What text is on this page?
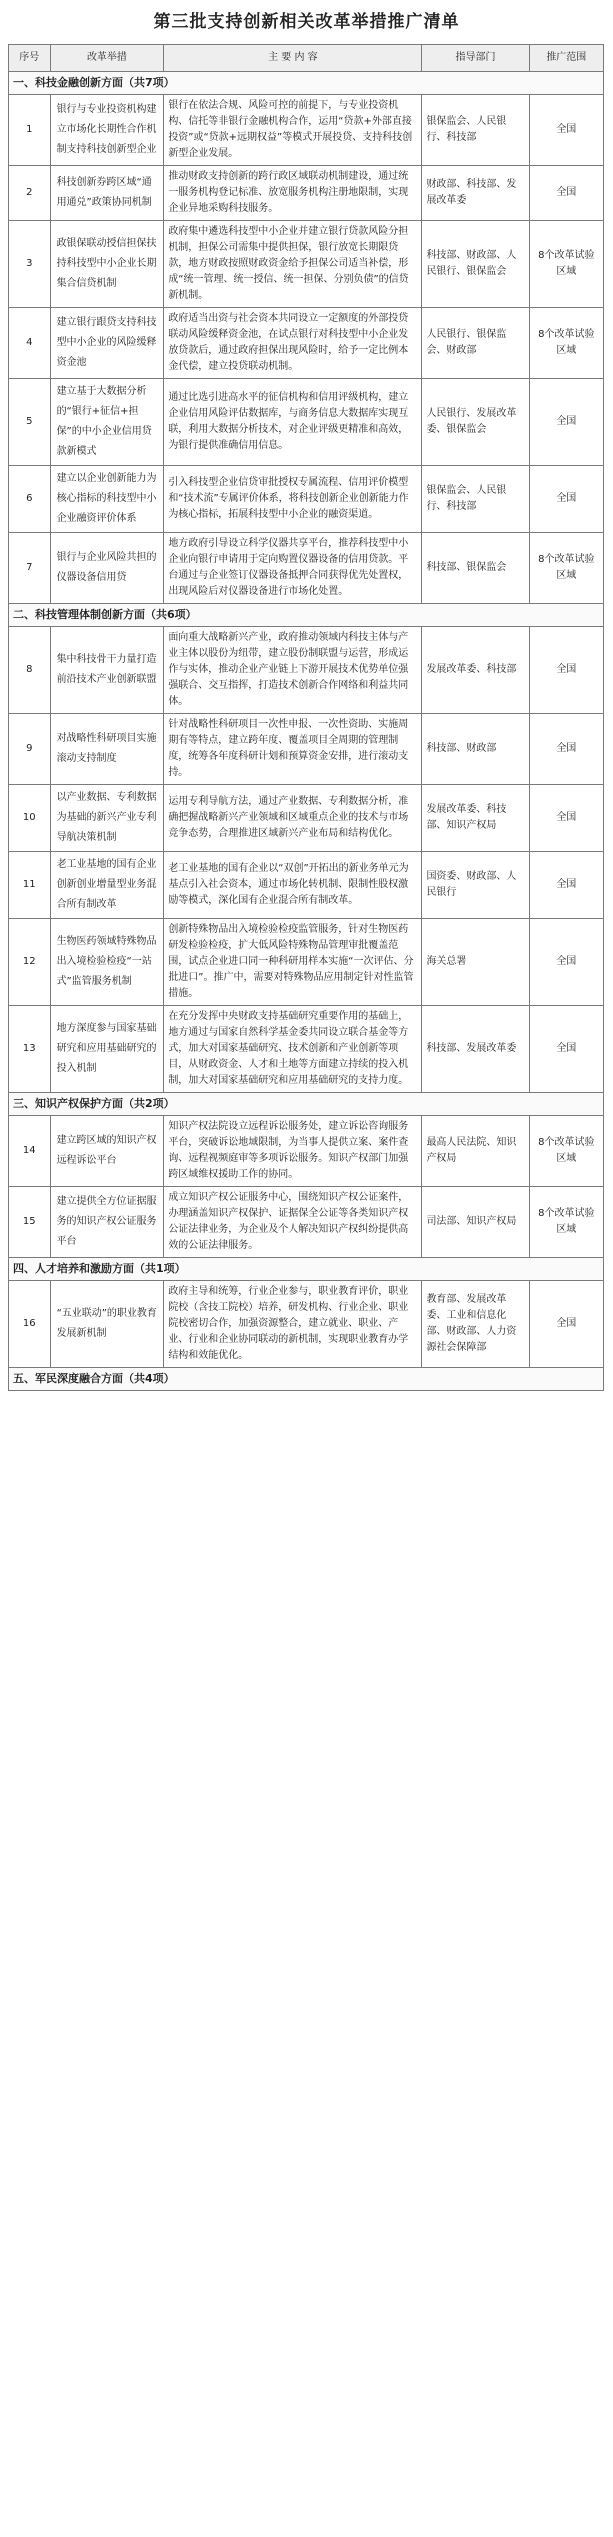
第三批支持创新相关改革举措推广清单
序号	改革举措	主 要 内 容	指导部门	推广范围
一、科技金融创新方面（共7项）				
1	银行与专业投资机构建立市场化长期性合作机制支持科技创新型企业	银行在依法合规、风险可控的前提下，与专业投资机构、信托等非银行金融机构合作，运用“贷款+外部直接投资”或“贷款+远期权益”等模式开展投贷、支持科技创新型企业发展。	银保监会、人民银行、科技部	全国
2	科技创新券跨区域“通用通兑”政策协同机制	推动财政支持创新的跨行政区域联动机制建设，通过统一服务机构登记标准、放宽服务机构注册地限制，实现企业异地采购科技服务。	财政部、科技部、发展改革委	全国
3	政银保联动授信担保扶持科技型中小企业长期集合信贷机制	政府集中遴选科技型中小企业并建立银行贷款风险分担机制，担保公司需集中提供担保，银行放宽长期限贷款，地方财政按照财政资金给予担保公司适当补偿，形成“统一管理、统一授信、统一担保、分别负债”的信贷新机制。	科技部、财政部、人民银行、银保监会	8个改革试验区域
4	建立银行跟贷支持科技型中小企业的风险缓释资金池	政府适当出资与社会资本共同设立一定额度的外部投贷联动风险缓释资金池，在试点银行对科技型中小企业发放贷款后，通过政府担保出现风险时，给予一定比例本金代偿，建立投贷联动机制。	人民银行、银保监会、财政部	8个改革试验区域
5	建立基于大数据分析的“银行+征信+担保”的中小企业信用贷款新模式	通过比选引进高水平的征信机构和信用评级机构，建立企业信用风险评估数据库，与商务信息大数据库实现互联，利用大数据分析技术，对企业评级更精准和高效，为银行提供准确信用信息。	人民银行、发展改革委、银保监会	全国
6	建立以企业创新能力为核心指标的科技型中小企业融资评价体系	引入科技型企业信贷审批授权专属流程、信用评价模型和“技术流”专属评价体系，将科技创新企业创新能力作为核心指标，拓展科技型中小企业的融资渠道。	银保监会、人民银行、科技部	全国
7	银行与企业风险共担的仪器设备信用贷	地方政府引导设立科学仪器共享平台，推荐科技型中小企业向银行申请用于定向购置仪器设备的信用贷款。平台通过与企业签订仪器设备抵押合同获得优先处置权，出现风险后对仪器设备进行市场化处置。	科技部、银保监会	8个改革试验区域
二、科技管理体制创新方面（共6项）				
8	集中科技骨干力量打造前沿技术产业创新联盟	面向重大战略新兴产业，政府推动领域内科技主体与产业主体以股份为纽带，建立股份制联盟与运营，形成运作与实体，推动企业产业链上下游开展技术优势单位强强联合、交互指挥，打造技术创新合作网络和利益共同体。	发展改革委、科技部	全国
9	对战略性科研项目实施滚动支持制度	针对战略性科研项目一次性申报、一次性资助、实施周期有等特点，建立跨年度、覆盖项目全周期的管理制度，统筹各年度科研计划和预算资金安排，进行滚动支持。	科技部、财政部	全国
10	以产业数据、专利数据为基础的新兴产业专利导航决策机制	运用专利导航方法，通过产业数据、专利数据分析，准确把握战略新兴产业领域和区域重点企业的技术与市场竞争态势，合理推进区域新兴产业布局和结构优化。	发展改革委、科技部、知识产权局	全国
11	老工业基地的国有企业创新创业增量型业务混合所有制改革	老工业基地的国有企业以“双创”开拓出的新业务单元为基点引入社会资本，通过市场化转机制、限制性股权激励等模式，深化国有企业混合所有制改革。	国资委、财政部、人民银行	全国
12	生物医药领域特殊物品出入境检验检疫“一站式”监管服务机制	创新特殊物品出入境检验检疫监管服务，针对生物医药研发检验检疫，扩大低风险特殊物品管理审批覆盖范围，试点企业进口同一种科研用样本实施“一次评估、分批进口”。推广中，需要对特殊物品应用制定针对性监管措施。	海关总署	全国
13	地方深度参与国家基础研究和应用基础研究的投入机制	在充分发挥中央财政支持基础研究重要作用的基础上，地方通过与国家自然科学基金委共同设立联合基金等方式，加大对国家基础研究、技术创新和产业创新等项目，从财政资金、人才和土地等方面建立持续的投入机制，加大对国家基础研究和应用基础研究的支持力度。	科技部、发展改革委	全国
三、知识产权保护方面（共2项）				
14	建立跨区域的知识产权远程诉讼平台	知识产权法院设立远程诉讼服务处，建立诉讼咨询服务平台，突破诉讼地域限制，为当事人提供立案、案件查询、远程视频庭审等多项诉讼服务。知识产权部门加强跨区域维权援助工作的协同。	最高人民法院、知识产权局	8个改革试验区域
15	建立提供全方位证据服务的知识产权公证服务平台	成立知识产权公证服务中心，围绕知识产权公证案件，办理涵盖知识产权保护、证据保全公证等各类知识产权公证法律业务，为企业及个人解决知识产权纠纷提供高效的公证法律服务。	司法部、知识产权局	8个改革试验区域
四、人才培养和激励方面（共1项）				
16	“五业联动”的职业教育发展新机制	政府主导和统筹，行业企业参与，职业教育评价，职业院校（含技工院校）培养，研发机构、行业企业、职业院校密切合作，加强资源整合，建立就业、职业、产业、行业和企业协同联动的新机制，实现职业教育办学结构和效能优化。	教育部、发展改革委、工业和信息化部、财政部、人力资源社会保障部	全国
五、军民深度融合方面（共4项）				
